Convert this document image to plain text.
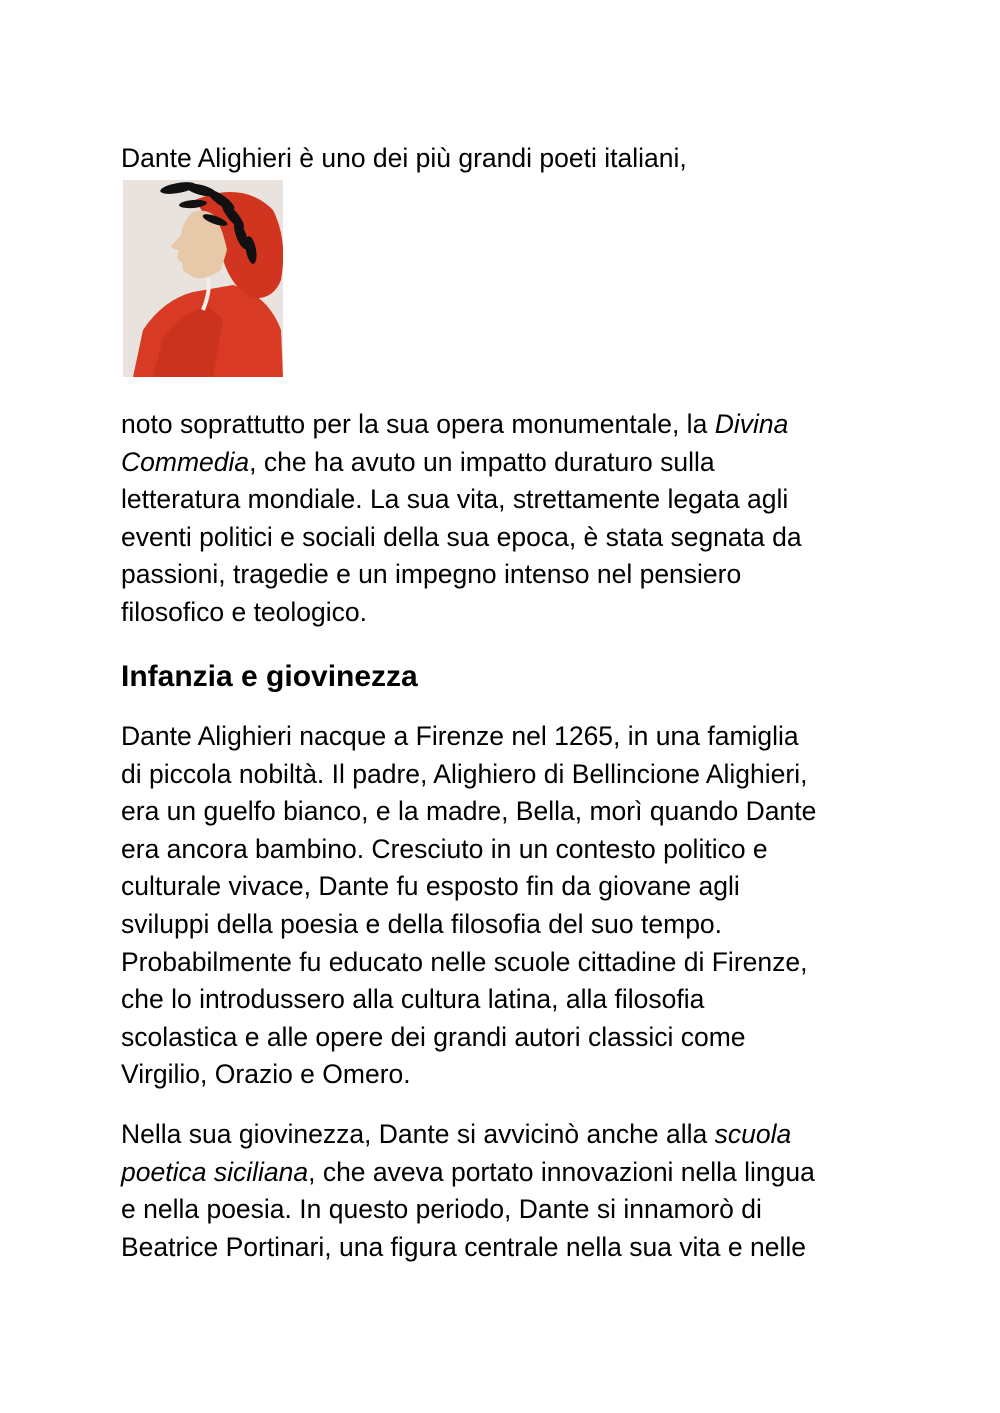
Dante Alighieri è uno dei più grandi poeti italiani,

noto soprattutto per la sua opera monumentale, la Divina
Commedia, che ha avuto un impatto duraturo sulla
letteratura mondiale. La sua vita, strettamente legata agli
eventi politici e sociali della sua epoca, è stata segnata da
passioni, tragedie e un impegno intenso nel pensiero
filosofico e teologico.
Infanzia e giovinezza
Dante Alighieri nacque a Firenze nel 1265, in una famiglia
di piccola nobiltà. Il padre, Alighiero di Bellincione Alighieri,
era un guelfo bianco, e la madre, Bella, morì quando Dante
era ancora bambino. Cresciuto in un contesto politico e
culturale vivace, Dante fu esposto fin da giovane agli
sviluppi della poesia e della filosofia del suo tempo.
Probabilmente fu educato nelle scuole cittadine di Firenze,
che lo introdussero alla cultura latina, alla filosofia
scolastica e alle opere dei grandi autori classici come
Virgilio, Orazio e Omero.
Nella sua giovinezza, Dante si avvicinò anche alla scuola
poetica siciliana, che aveva portato innovazioni nella lingua
e nella poesia. In questo periodo, Dante si innamorò di
Beatrice Portinari, una figura centrale nella sua vita e nelle
